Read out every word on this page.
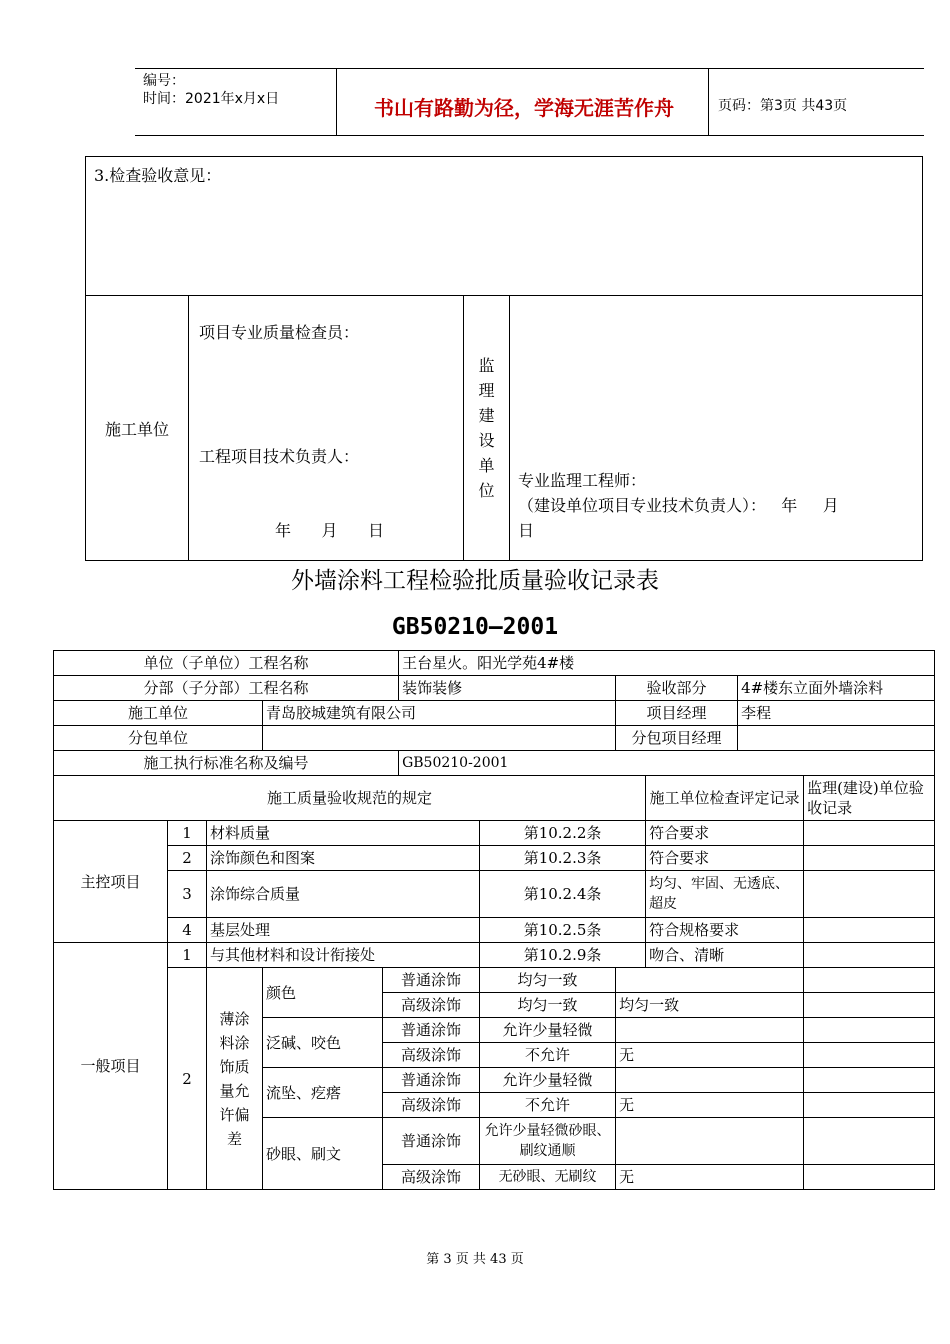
编号：
时间：2021年x月x日	书山有路勤为径，学海无涯苦作舟	页码：第3页 共43页
3.检查验收意见：
施工单位	
项目专业质量检查员：
工程项目技术负责人：
年      月      日

监
理
建
设
单
位

专业监理工程师：
（建设单位项目专业技术负责人）：   年     月
日
外墙涂料工程检验批质量验收记录表
GB50210—2001
单位（子单位）工程名称					王台星火。阳光学苑4#楼					
分部（子分部）工程名称					装饰装修		验收部分		4#楼东立面外墙涂料	
施工单位			青岛胶城建筑有限公司				项目经理		李程	
分包单位							分包项目经理			
施工执行标准名称及编号					GB50210-2001					
施工质量验收规范的规定								施工单位检查评定记录		监理(建设)单位验收记录
主控项目	1	材料质量				第10.2.2条		符合要求		
	2	涂饰颜色和图案				第10.2.3条		符合要求		
	3	涂饰综合质量				第10.2.4条		均匀、牢固、无透底、超皮		
	4	基层处理				第10.2.5条		符合规格要求		
一般项目	1	与其他材料和设计衔接处				第10.2.9条		吻合、清晰		
	2	薄涂料涂饰质量允许偏差	颜色	普通涂饰		均匀一致				
				高级涂饰		均匀一致	均匀一致			
			泛碱、咬色	普通涂饰		允许少量轻微				
				高级涂饰		不允许	无			
			流坠、疙瘩	普通涂饰		允许少量轻微				
				高级涂饰		不允许	无			
			砂眼、刷文	普通涂饰		允许少量轻微砂眼、刷纹通顺				
				高级涂饰		无砂眼、无刷纹	无			
第 3 页 共 43 页
